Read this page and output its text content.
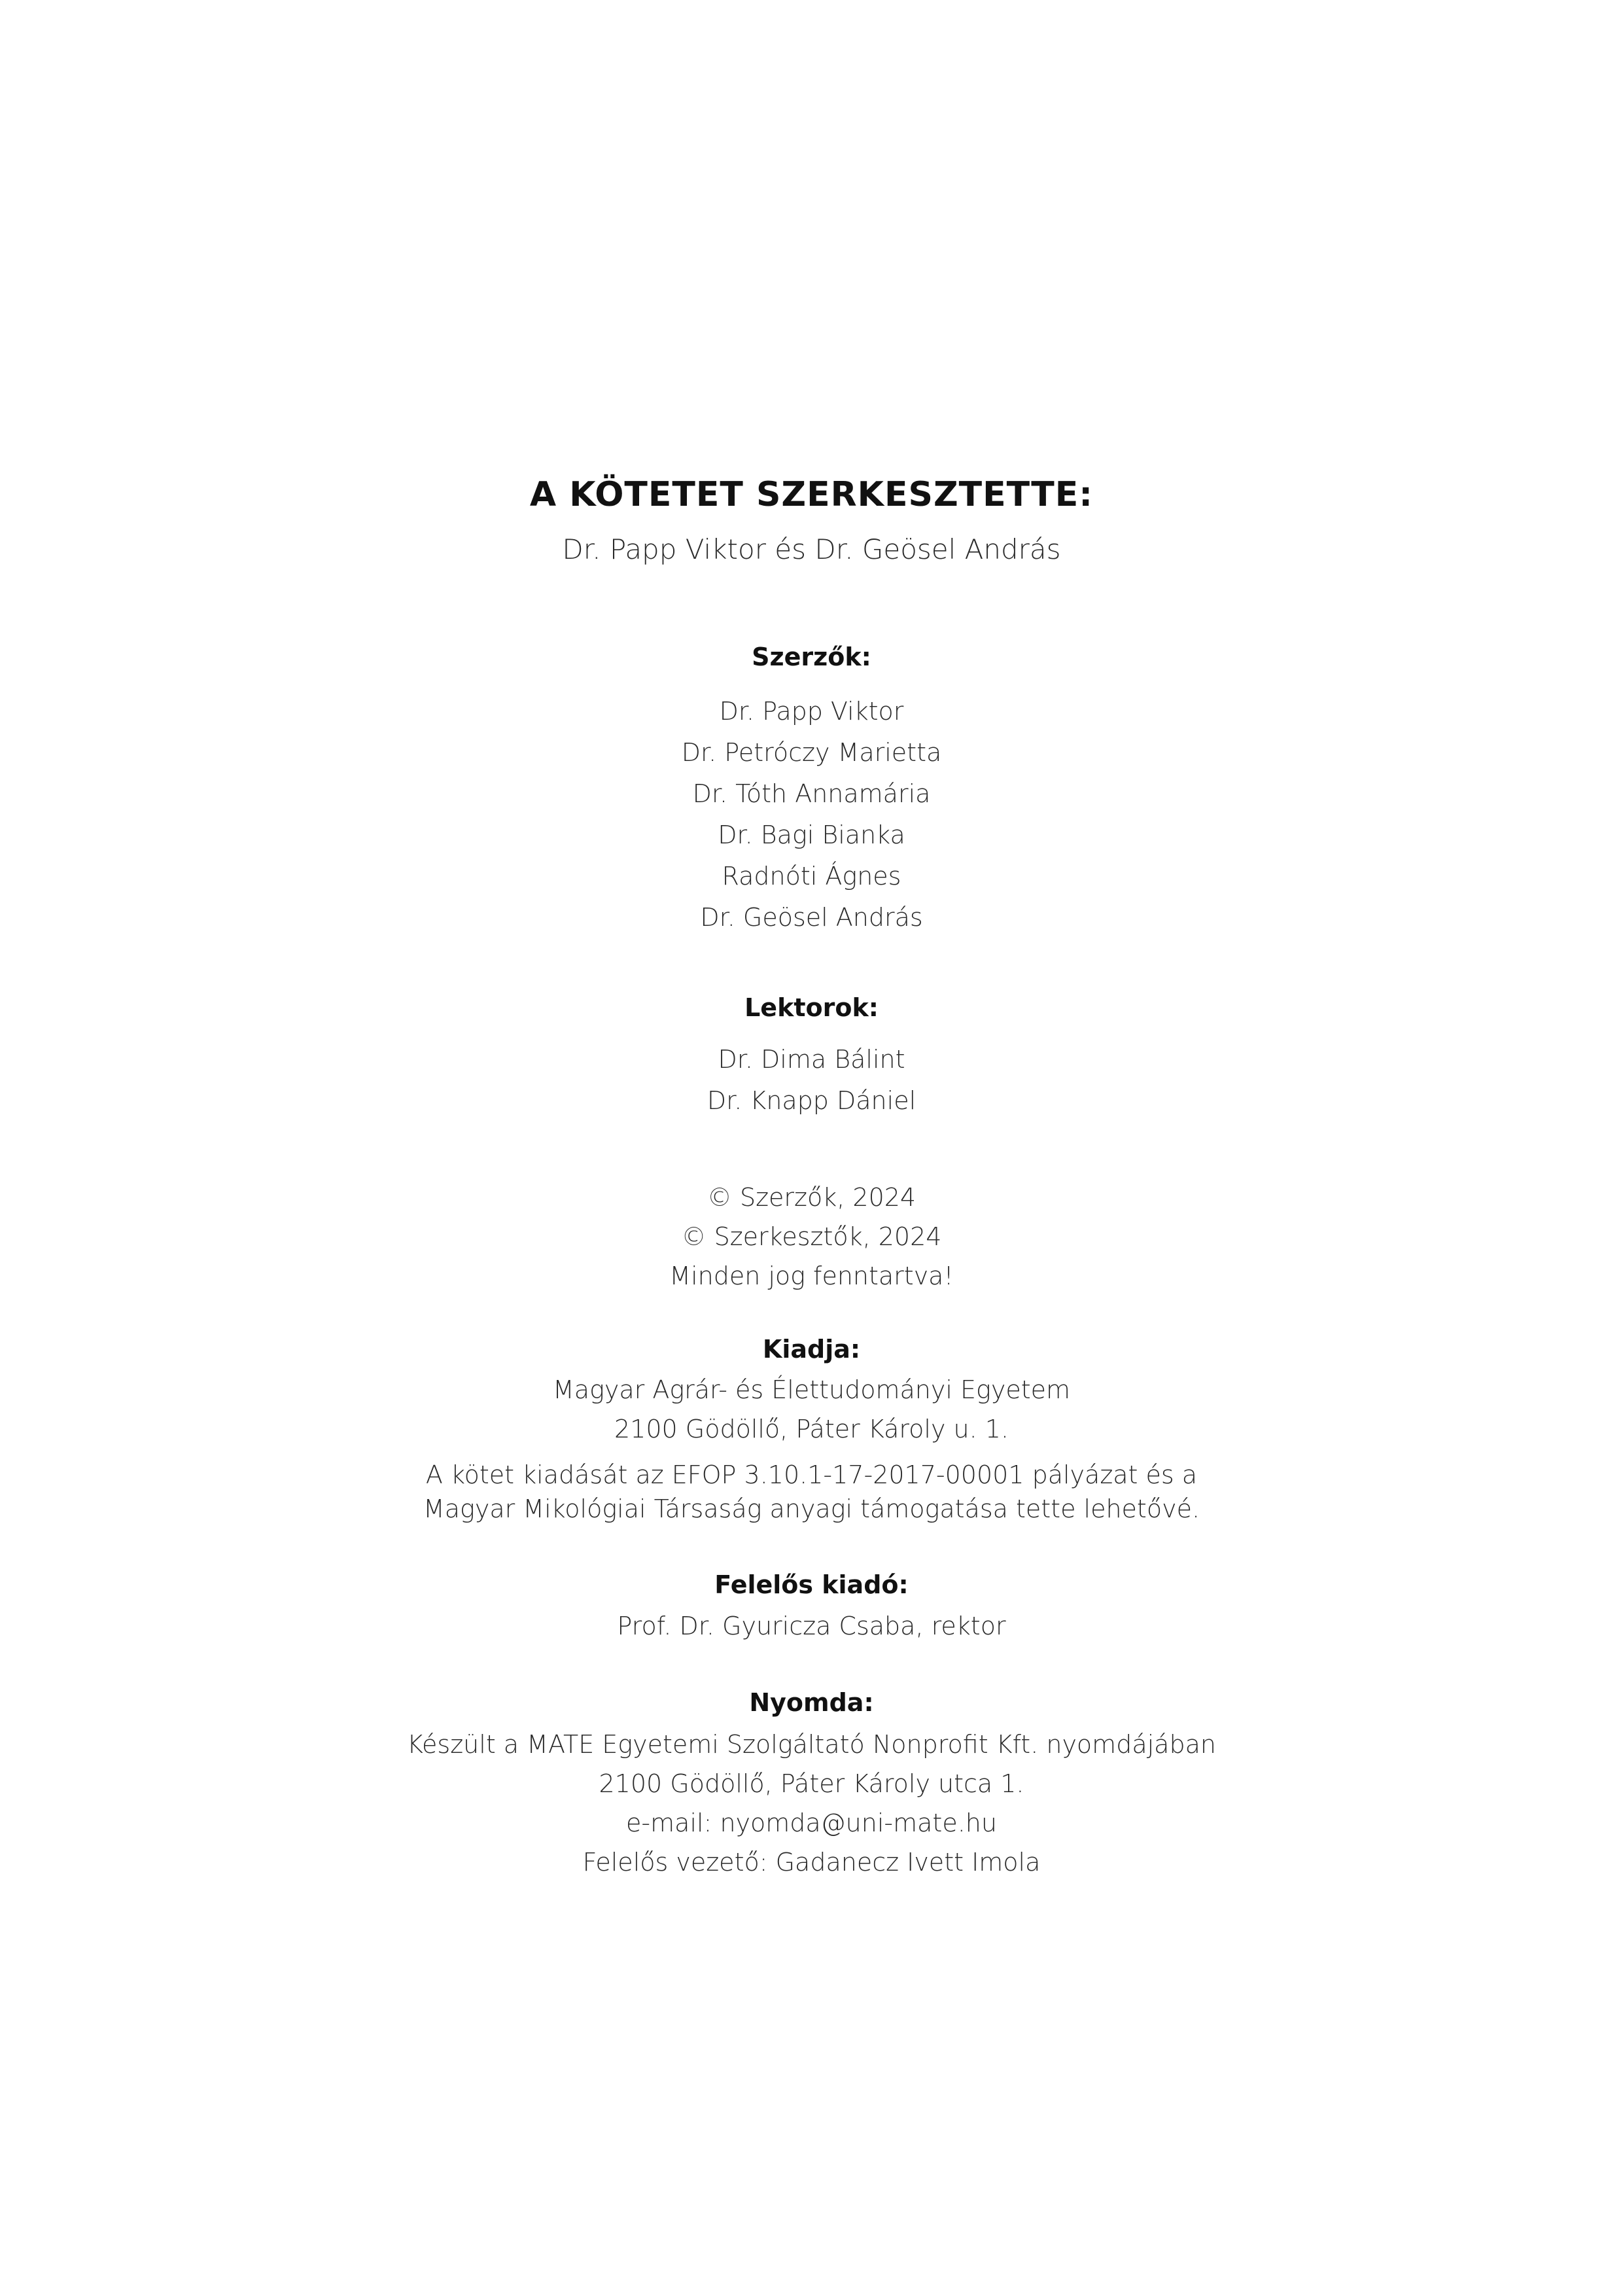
A KÖTETET SZERKESZTETTE:
Dr. Papp Viktor és Dr. Geösel András
Szerzők:
Dr. Papp Viktor
Dr. Petróczy Marietta
Dr. Tóth Annamária
Dr. Bagi Bianka
Radnóti Ágnes
Dr. Geösel András
Lektorok:
Dr. Dima Bálint
Dr. Knapp Dániel
© Szerzők, 2024
© Szerkesztők, 2024
Minden jog fenntartva!
Kiadja:
Magyar Agrár- és Élettudományi Egyetem
2100 Gödöllő, Páter Károly u. 1.
A kötet kiadását az EFOP 3.10.1-17-2017-00001 pályázat és a
Magyar Mikológiai Társaság anyagi támogatása tette lehetővé.
Felelős kiadó:
Prof. Dr. Gyuricza Csaba, rektor
Nyomda:
Készült a MATE Egyetemi Szolgáltató Nonprofit Kft. nyomdájában
2100 Gödöllő, Páter Károly utca 1.
e-mail: nyomda@uni-mate.hu
Felelős vezető: Gadanecz Ivett Imola
